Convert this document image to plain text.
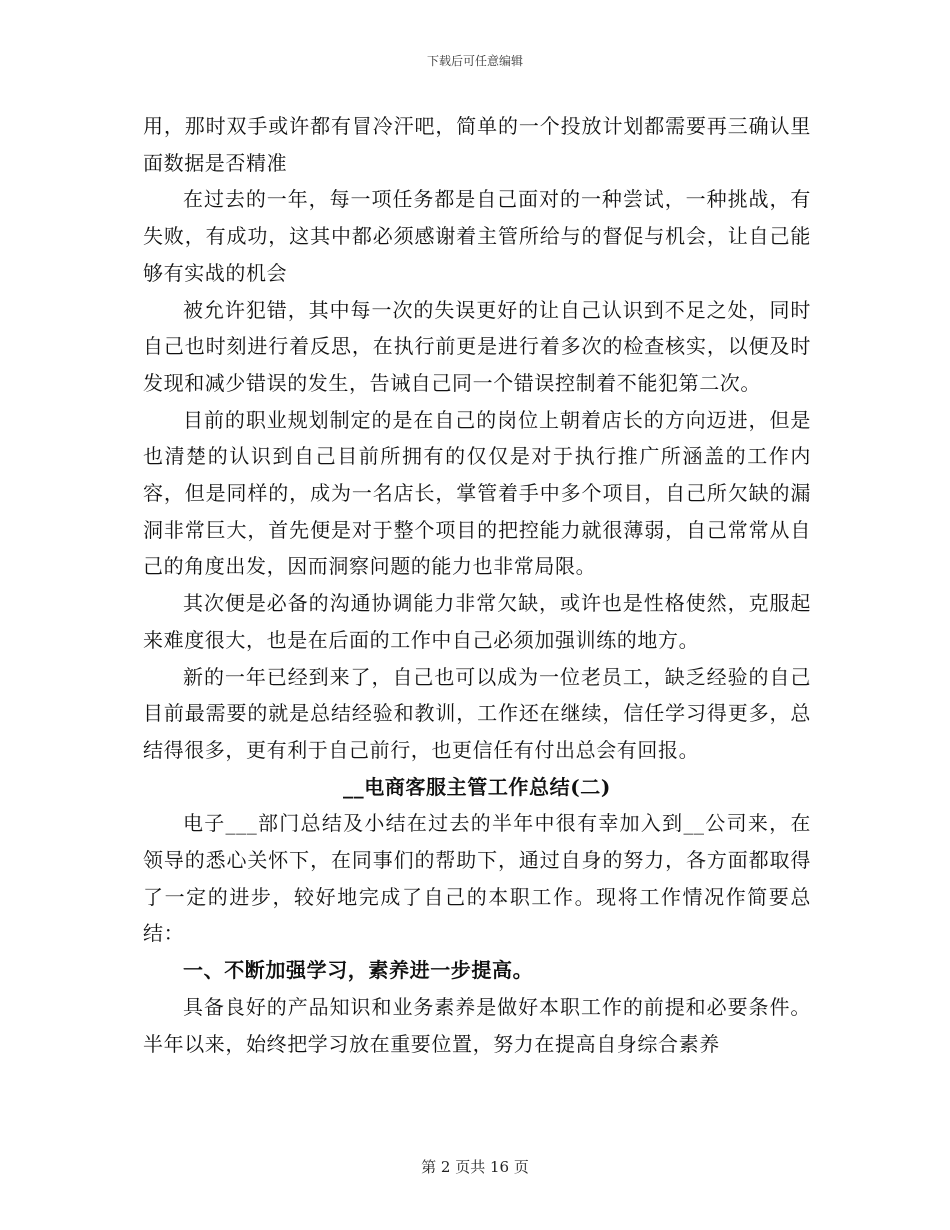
下载后可任意编辑

用，那时双手或许都有冒冷汗吧，简单的一个投放计划都需要再三确认里面数据是否精准

在过去的一年，每一项任务都是自己面对的一种尝试，一种挑战，有失败，有成功，这其中都必须感谢着主管所给与的督促与机会，让自己能够有实战的机会

被允许犯错，其中每一次的失误更好的让自己认识到不足之处，同时自己也时刻进行着反思，在执行前更是进行着多次的检查核实，以便及时发现和减少错误的发生，告诫自己同一个错误控制着不能犯第二次。

目前的职业规划制定的是在自己的岗位上朝着店长的方向迈进，但是也清楚的认识到自己目前所拥有的仅仅是对于执行推广所涵盖的工作内容，但是同样的，成为一名店长，掌管着手中多个项目，自己所欠缺的漏洞非常巨大，首先便是对于整个项目的把控能力就很薄弱，自己常常从自己的角度出发，因而洞察问题的能力也非常局限。

其次便是必备的沟通协调能力非常欠缺，或许也是性格使然，克服起来难度很大，也是在后面的工作中自己必须加强训练的地方。

新的一年已经到来了，自己也可以成为一位老员工，缺乏经验的自己目前最需要的就是总结经验和教训，工作还在继续，信任学习得更多，总结得很多，更有利于自己前行，也更信任有付出总会有回报。

__电商客服主管工作总结(二)

电子___部门总结及小结在过去的半年中很有幸加入到__公司来，在领导的悉心关怀下，在同事们的帮助下，通过自身的努力，各方面都取得了一定的进步，较好地完成了自己的本职工作。现将工作情况作简要总结：

一、不断加强学习，素养进一步提高。

具备良好的产品知识和业务素养是做好本职工作的前提和必要条件。半年以来，始终把学习放在重要位置，努力在提高自身综合素养

第 2 页共 16 页
